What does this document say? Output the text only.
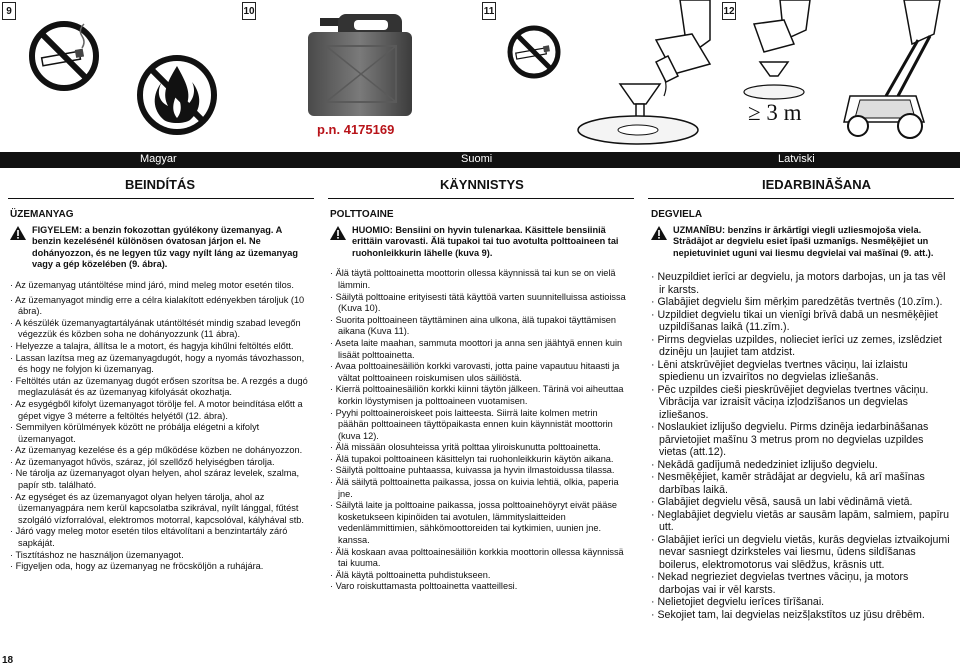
9	10
p.n. 4175169
11	12
≥ 3 m
Magyar	Suomi	Latviski
BEINDÍTÁS	KÄYNNISTYS	IEDARBINĀŠANA
ÜZEMANYAG
FIGYELEM: a benzin fokozottan gyúlékony üzemanyag. A benzin kezelésénél különösen óvatosan járjon el. Ne dohányozzon, és ne legyen tűz vagy nyílt láng az üzemanyag vagy a gép közelében (9. ábra).
· Az üzemanyag utántöltése mind járó, mind meleg motor esetén tilos.
· Az üzemanyagot mindig erre a célra kialakított edényekben tároljuk (10 ábra).
· A készülék üzemanyagtartályának utántöltését mindig szabad levegőn végezzük és közben soha ne dohányozzunk (11 ábra).
· Helyezze a talajra, állítsa le a motort, és hagyja kihűlni feltöltés előtt.
· Lassan lazítsa meg az üzemanyagdugót, hogy a nyomás távozhasson, és hogy ne folyjon ki üzemanyag.
· Feltöltés után az üzemanyag dugót erősen szorítsa be. A rezgés a dugó meglazulását és az üzemanyag kifolyását okozhatja.
· Az esygégből kifolyt üzemanyagot törölje fel. A motor beindítása előtt a gépet vigye 3 méterre a feltöltés helyétől (12. ábra).
· Semmilyen körülmények között ne próbálja elégetni a kifolyt üzemanyagot.
· Az üzemanyag kezelése és a gép működése közben ne dohányozzon.
· Az üzemanyagot hűvös, száraz, jól szellőző helyiségben tárolja.
· Ne tárolja az üzemanyagot olyan helyen, ahol száraz levelek, szalma, papír stb. található.
· Az egységet és az üzemanyagot olyan helyen tárolja, ahol az üzemanyagpára nem kerül kapcsolatba szikrával, nyílt lánggal, fűtést szolgáló vízforralóval, elektromos motorral, kapcsolóval, kályhával stb.
· Járó vagy meleg motor esetén tilos eltávolítani a benzintartály záró sapkáját.
· Tisztításhoz ne használjon üzemanyagot.
· Figyeljen oda, hogy az üzemanyag ne fröcsköljön a ruhájára.
POLTTOAINE
HUOMIO: Bensiini on hyvin tulenarkaa. Käsittele bensiiniä erittäin varovasti. Älä tupakoi tai tuo avotulta polttoaineen tai ruohonleikkurin lähelle (kuva 9).
· Älä täytä polttoainetta moottorin ollessa käynnissä tai kun se on vielä lämmin.
· Säilytä polttoaine erityisesti tätä käyttöä varten suunnitelluissa astioissa (Kuva 10).
· Suorita polttoaineen täyttäminen aina ulkona, älä tupakoi täyttämisen aikana (Kuva 11).
· Aseta laite maahan, sammuta moottori ja anna sen jäähtyä ennen kuin lisäät polttoainetta.
· Avaa polttoainesäiliön korkki varovasti, jotta paine vapautuu hitaasti ja vältat polttoaineen roiskumisen ulos säiliöstä.
· Kierrä polttoainesäiliön korkki kiinni täytön jälkeen. Tärinä voi aiheuttaa korkin löystymisen ja polttoaineen vuotamisen.
· Pyyhi polttoaineroiskeet pois laitteesta. Siirrä laite kolmen metrin päähän polttoaineen täyttöpaikasta ennen kuin käynnistät moottorin (kuva 12).
· Älä missään olosuhteissa yritä polttaa yliroiskunutta polttoainetta.
· Älä tupakoi polttoaineen käsittelyn tai ruohonleikkurin käytön aikana.
· Säilytä polttoaine puhtaassa, kuivassa ja hyvin ilmastoidussa tilassa.
· Älä säilytä polttoainetta paikassa, jossa on kuivia lehtiä, olkia, paperia jne.
· Säilytä laite ja polttoaine paikassa, jossa polttoainehöyryt eivät pääse kosketukseen kipinöiden tai avotulen, lämmityslaitteiden vedenlämmittimien, sähkömoottoreiden tai kytkimien, uunien jne. kanssa.
· Älä koskaan avaa polttoainesäiliön korkkia moottorin ollessa käynnissä tai kuuma.
· Älä käytä polttoainetta puhdistukseen.
· Varo roiskuttamasta polttoainetta vaatteillesi.
DEGVIELA
UZMANĪBU: benzīns ir ārkārtīgi viegli uzliesmojoša viela. Strādājot ar degvielu esiet īpaši uzmanīgs. Nesmēķējiet un nepietuviniet uguni vai liesmu degvielai vai mašīnai (9. att.).
· Neuzpildiet ierīci ar degvielu, ja motors darbojas, un ja tas vēl ir karsts.
· Glabājiet degvielu šim mērķim paredzētās tvertnēs (10.zīm.).
· Uzpildiet degvielu tikai un vienīgi brīvā dabā un nesmēķējiet uzpildīšanas laikā (11.zīm.).
· Pirms degvielas uzpildes, nolieciet ierīci uz zemes, izslēdziet dzinēju un ļaujiet tam atdzist.
· Lēni atskrūvējiet degvielas tvertnes vāciņu, lai izlaistu spiedienu un izvairītos no degvielas izliešanās.
· Pēc uzpildes cieši pieskrūvējiet degvielas tvertnes vāciņu. Vibrācija var izraisīt vāciņa izļodzīšanos un degvielas izliešanos.
· Noslaukiet izlijušo degvielu. Pirms dzinēja iedarbināšanas pārvietojiet mašīnu 3 metrus prom no degvielas uzpildes vietas (att.12).
· Nekādā gadījumā nededziniet izlijušo degvielu.
· Nesmēķējiet, kamēr strādājat ar degvielu, kā arī mašīnas darbības laikā.
· Glabājiet degvielu vēsā, sausā un labi vēdināmā vietā.
· Neglabājiet degvielu vietās ar sausām lapām, salmiem, papīru utt.
· Glabājiet ierīci un degvielu vietās, kurās degvielas iztvaikojumi nevar sasniegt dzirksteles vai liesmu, ūdens sildīšanas boilerus, elektromotorus vai slēdžus, krāsnis utt.
· Nekad negrieziet degvielas tvertnes vāciņu, ja motors darbojas vai ir vēl karsts.
· Nelietojiet degvielu ierīces tīrīšanai.
· Sekojiet tam, lai degvielas neizšļakstītos uz jūsu drēbēm.
18
